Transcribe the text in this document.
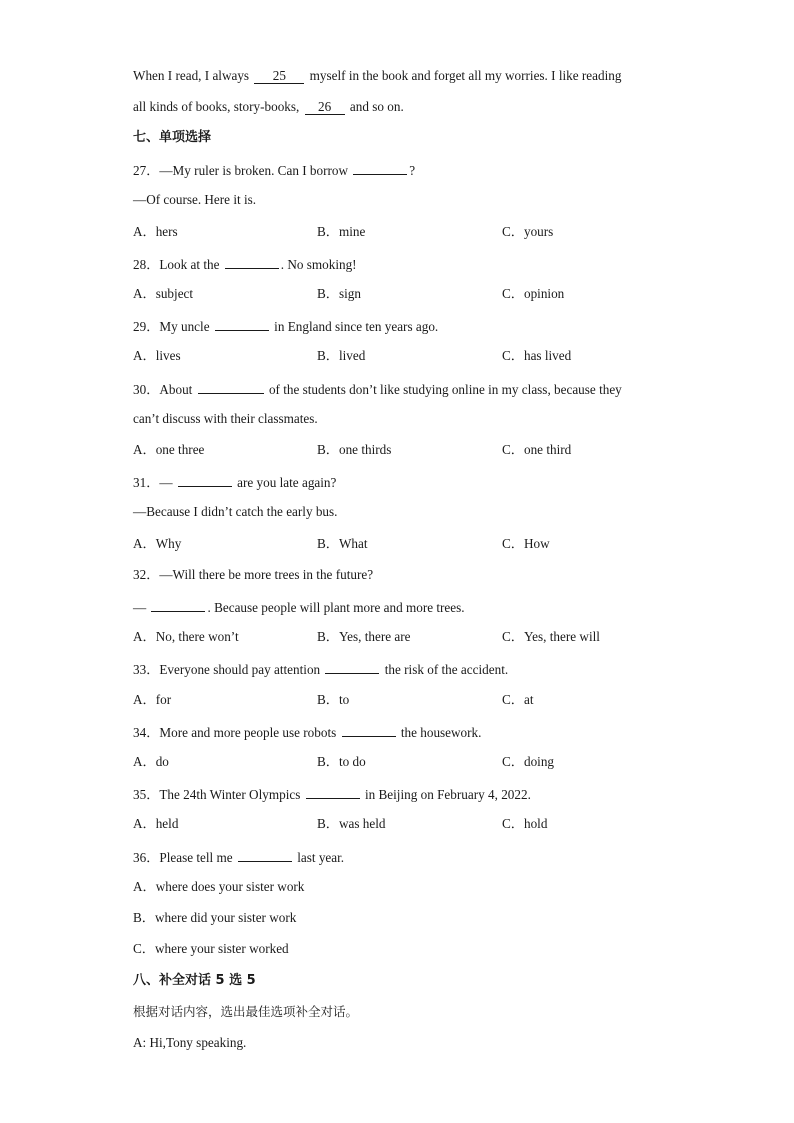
When I read, I always 25 myself in the book and forget all my worries. I like reading
all kinds of books, story-books, 26 and so on.
七、单项选择
27．—My ruler is broken. Can I borrow	?
—Of course. Here it is.
A．hers	B．mine	C．yours
28．Look at the	. No smoking!
A．subject	B．sign	C．opinion
29．My uncle	in England since ten years ago.
A．lives	B．lived	C．has lived
30．About	of the students don’t like studying online in my class, because they
can’t discuss with their classmates.
A．one three	B．one thirds	C．one third
31．—	are you late again?
—Because I didn’t catch the early bus.
A．Why	B．What	C．How
32．—Will there be more trees in the future?
—	. Because people will plant more and more trees.
A．No, there won’t	B．Yes, there are	C．Yes, there will
33．Everyone should pay attention	the risk of the accident.
A．for	B．to	C．at
34．More and more people use robots	the housework.
A．do	B．to do	C．doing
35．The 24th Winter Olympics	in Beijing on February 4, 2022.
A．held	B．was held	C．hold
36．Please tell me	last year.
A．where does your sister work
B．where did your sister work
C．where your sister worked
八、补全对话 5 选 5
根据对话内容，选出最佳选项补全对话。
A: Hi,Tony speaking.
